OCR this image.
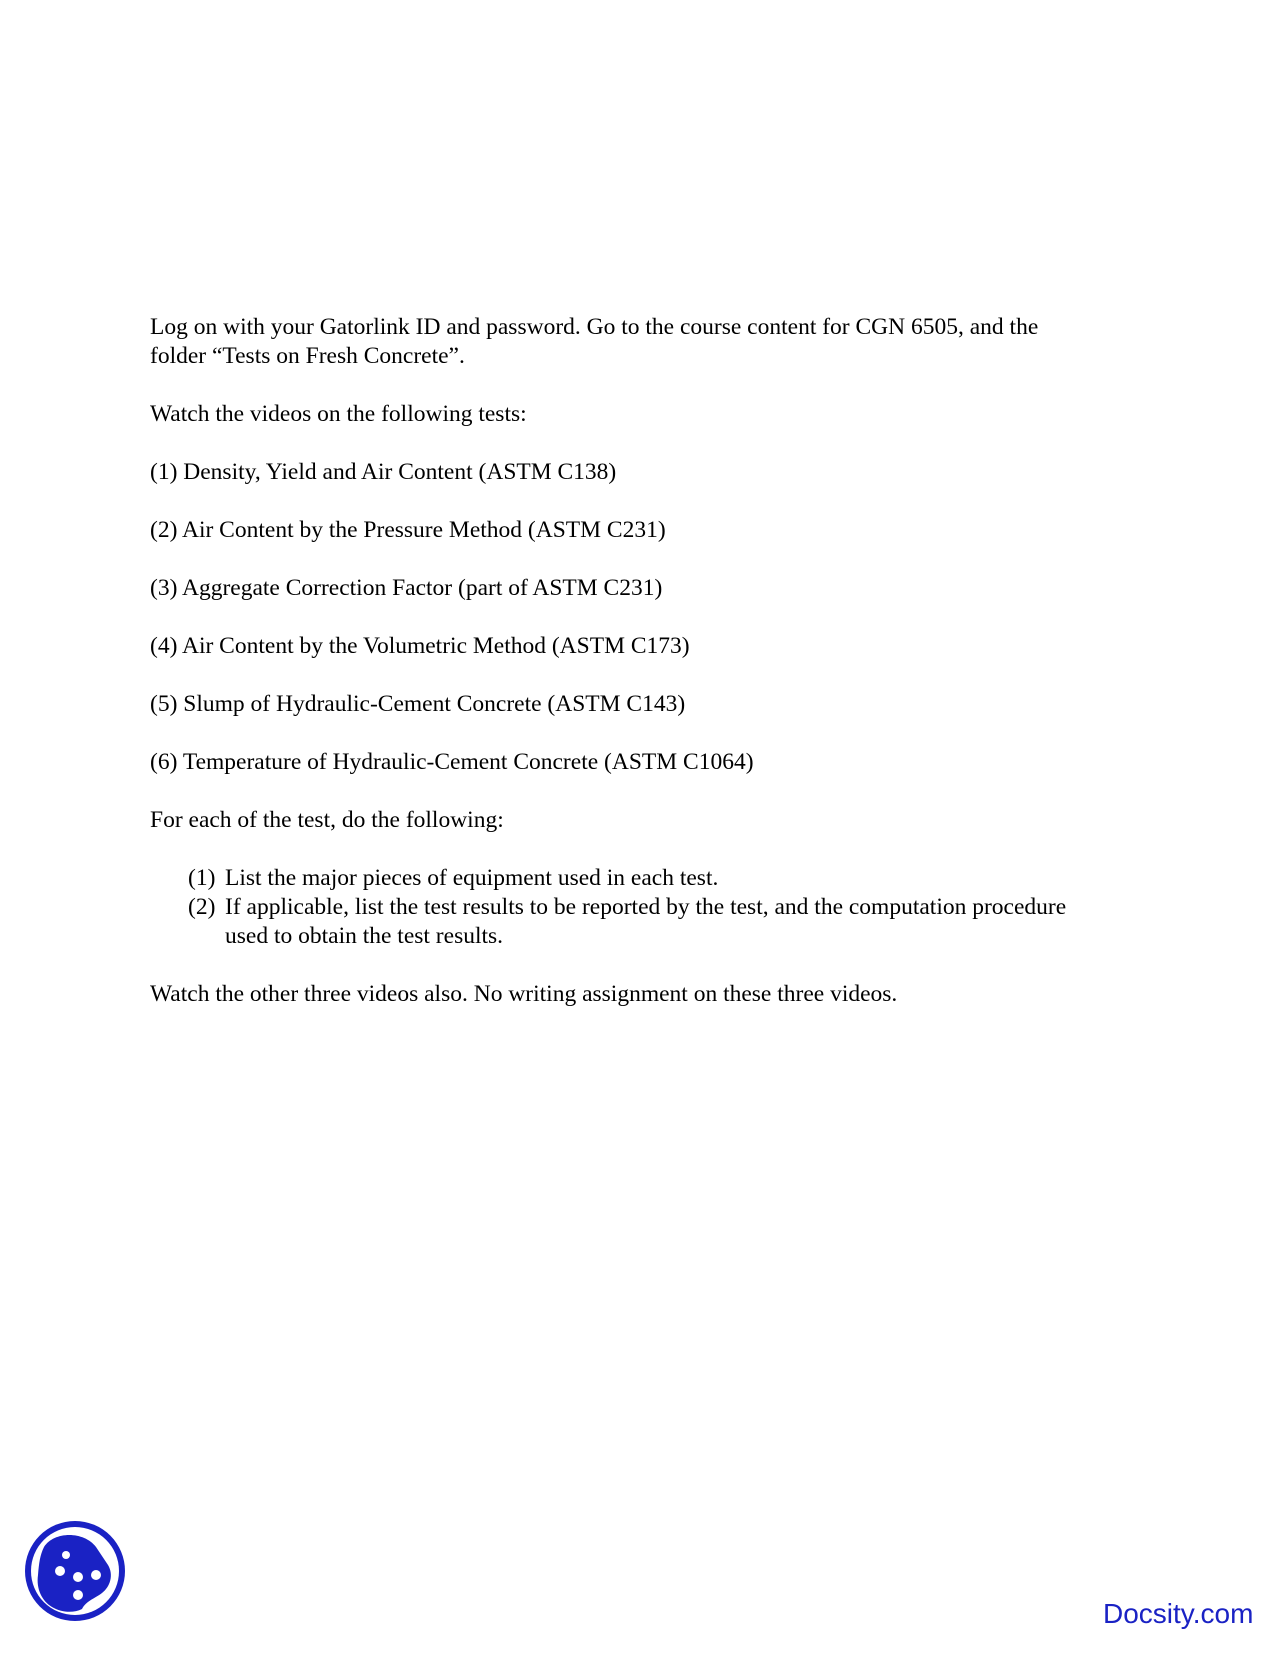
Log on with your Gatorlink ID and password. Go to the course content for CGN 6505, and the
folder “Tests on Fresh Concrete”.

Watch the videos on the following tests:

(1) Density, Yield and Air Content (ASTM C138)

(2) Air Content by the Pressure Method (ASTM C231)

(3) Aggregate Correction Factor (part of ASTM C231)

(4) Air Content by the Volumetric Method (ASTM C173)

(5) Slump of Hydraulic-Cement Concrete (ASTM C143)

(6) Temperature of Hydraulic-Cement Concrete (ASTM C1064)

For each of the test, do the following:

(1) List the major pieces of equipment used in each test.
(2) If applicable, list the test results to be reported by the test, and the computation procedure
used to obtain the test results.

Watch the other three videos also. No writing assignment on these three videos.

Docsity.com
